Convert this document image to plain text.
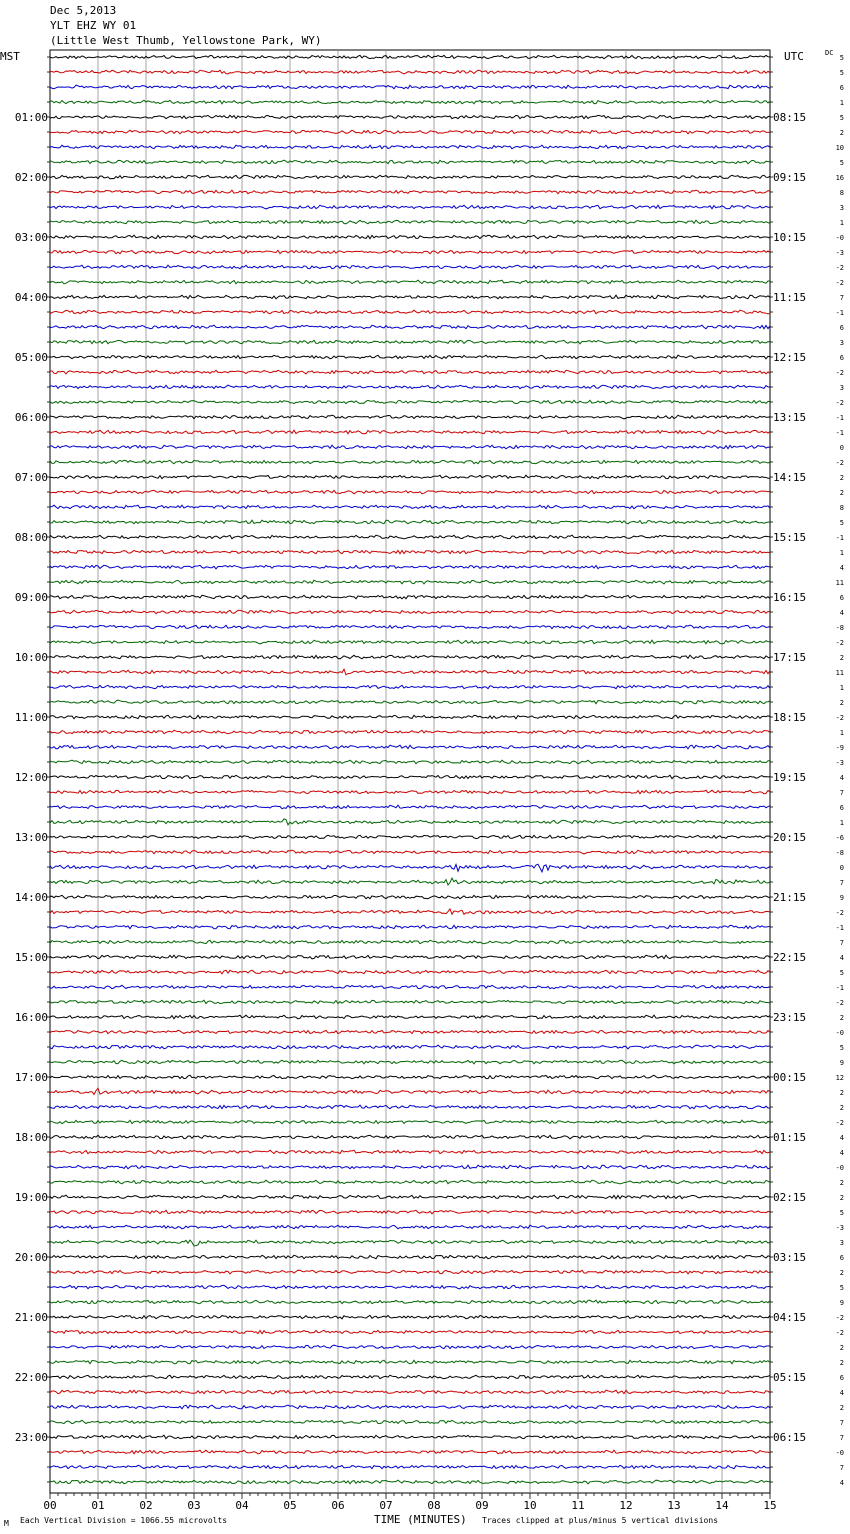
Dec 5,2013
YLT EHZ WY 01
(Little West Thumb, Yellowstone Park, WY)
MST	UTC	DC
00	01	02	03	04	05	06	07	08	09	10	11	12	13	14	15
5
5
6
1
5
2
10
5
16
8
3
1
-0
-3
-2
-2
7
-1
6
3
6
-2
3
-2
-1
-1
0
-2
2
2
8
5
-1
1
4
11
6
4
-8
-2
2
11
1
2
-2
1
-9
-3
4
7
6
1
-6
-8
0
7
9
-2
-1
7
4
5
-1
-2
2
-0
5
9
12
2
2
-2
4
4
-0
2
2
5
-3
3
6
2
5
9
-2
-2
2
2
6
4
2
7
7
-0
7
4
01:00
02:00
03:00
04:00
05:00
06:00
07:00
08:00
09:00
10:00
11:00
12:00
13:00
14:00
15:00
16:00
17:00
18:00
19:00
20:00
21:00
22:00
23:00
08:15
09:15
10:15
11:15
12:15
13:15
14:15
15:15
16:15
17:15
18:15
19:15
20:15
21:15
22:15
23:15
00:15
01:15
02:15
03:15
04:15
05:15
06:15
M Each Vertical Division = 1066.55 microvolts	TIME (MINUTES) Traces clipped at plus/minus 5 vertical divisions
